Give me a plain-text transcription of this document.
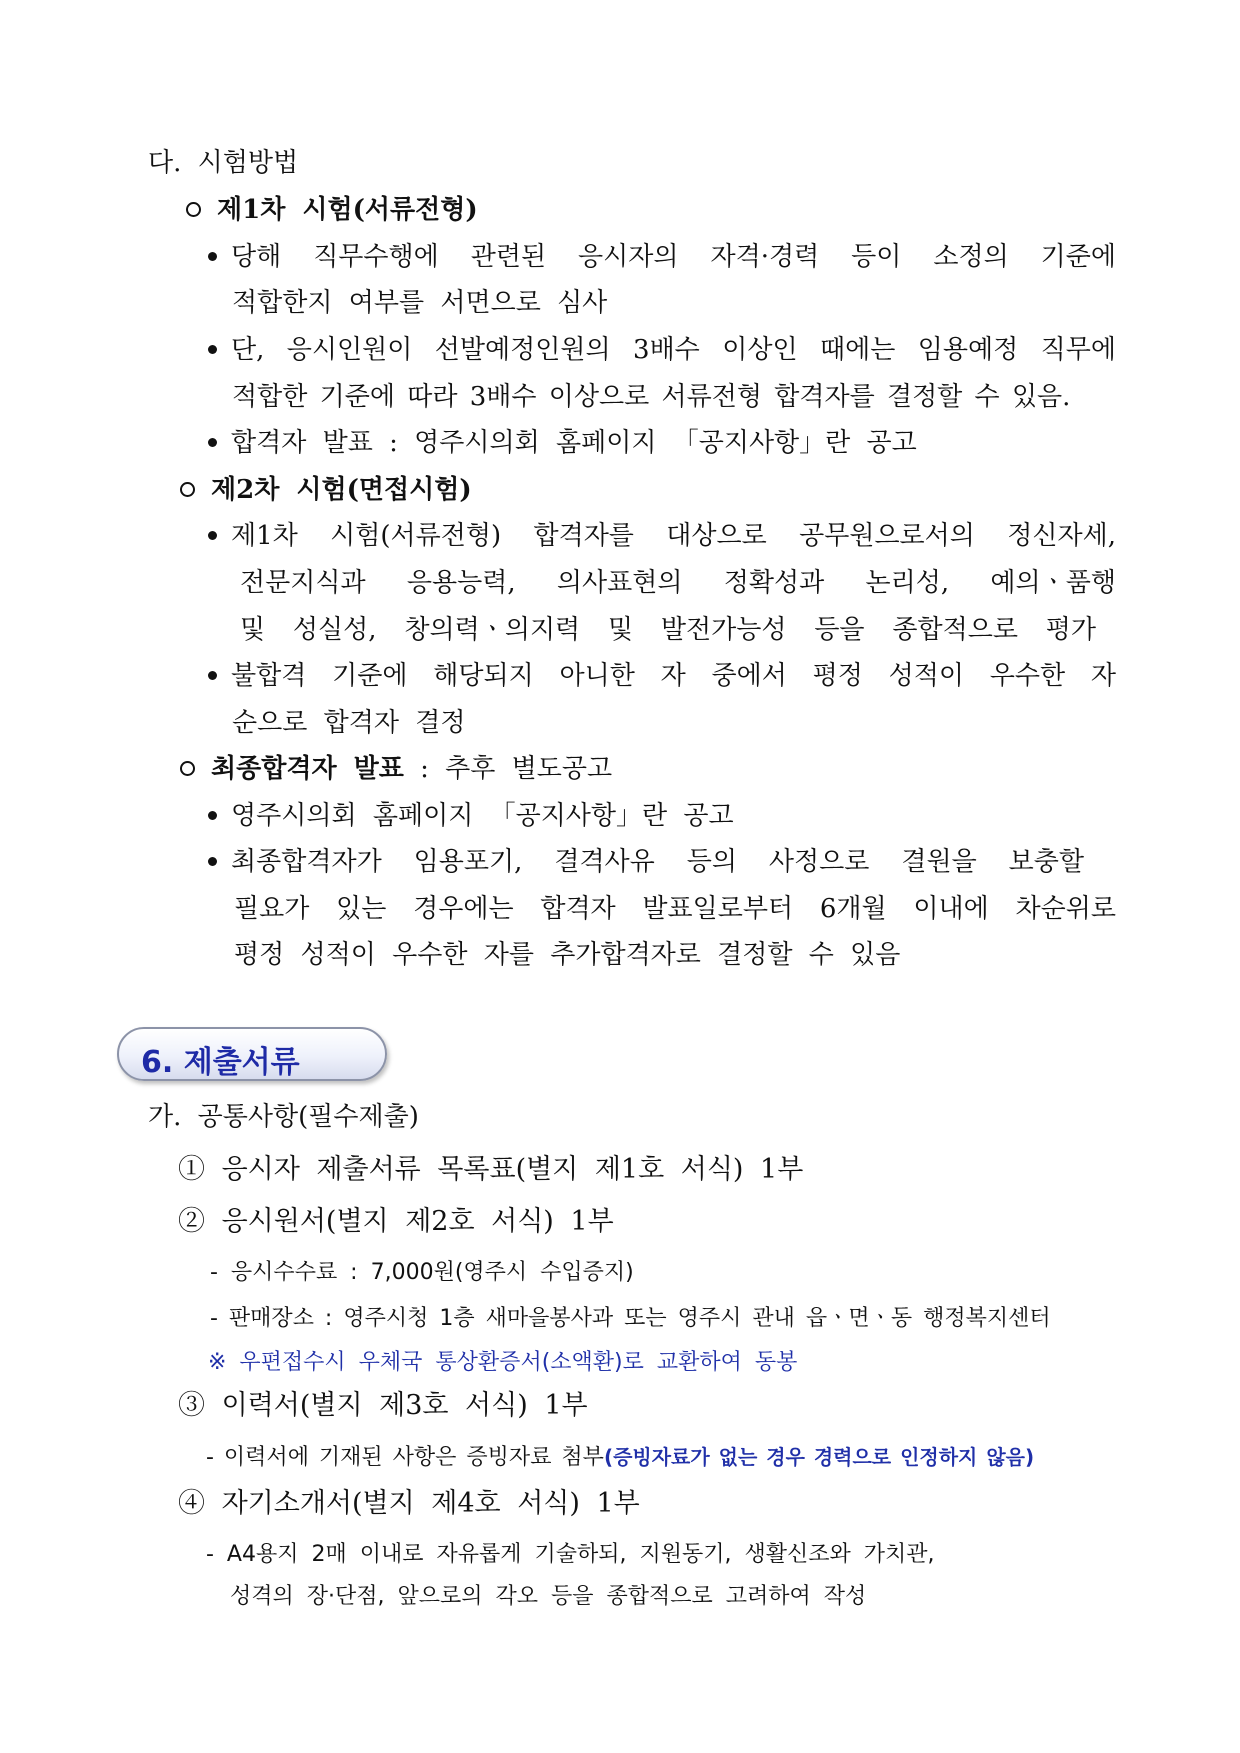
다. 시험방법
제1차 시험(서류전형)
당해 직무수행에 관련된 응시자의 자격·경력 등이 소정의 기준에
적합한지 여부를 서면으로 심사
단, 응시인원이 선발예정인원의 3배수 이상인 때에는 임용예정 직무에
적합한 기준에 따라 3배수 이상으로 서류전형 합격자를 결정할 수 있음.
합격자 발표 : 영주시의회 홈페이지 「공지사항」란 공고
제2차 시험(면접시험)
제1차 시험(서류전형) 합격자를 대상으로 공무원으로서의 정신자세,
전문지식과 응용능력, 의사표현의 정확성과 논리성, 예의ㆍ품행
및 성실성, 창의력ㆍ의지력 및 발전가능성 등을 종합적으로 평가
불합격 기준에 해당되지 아니한 자 중에서 평정 성적이 우수한 자
순으로 합격자 결정
최종합격자 발표 : 추후 별도공고
영주시의회 홈페이지 「공지사항」란 공고
최종합격자가 임용포기, 결격사유 등의 사정으로 결원을 보충할
필요가 있는 경우에는 합격자 발표일로부터 6개월 이내에 차순위로
평정 성적이 우수한 자를 추가합격자로 결정할 수 있음
6. 제출서류
가. 공통사항(필수제출)
① 응시자 제출서류 목록표(별지 제1호 서식) 1부
② 응시원서(별지 제2호 서식) 1부
- 응시수수료 : 7,000원(영주시 수입증지)
- 판매장소 : 영주시청 1층 새마을봉사과 또는 영주시 관내 읍ㆍ면ㆍ동 행정복지센터
※ 우편접수시 우체국 통상환증서(소액환)로 교환하여 동봉
③ 이력서(별지 제3호 서식) 1부
- 이력서에 기재된 사항은 증빙자료 첨부(증빙자료가 없는 경우 경력으로 인정하지 않음)
④ 자기소개서(별지 제4호 서식) 1부
- A4용지 2매 이내로 자유롭게 기술하되, 지원동기, 생활신조와 가치관,
성격의 장·단점, 앞으로의 각오 등을 종합적으로 고려하여 작성
